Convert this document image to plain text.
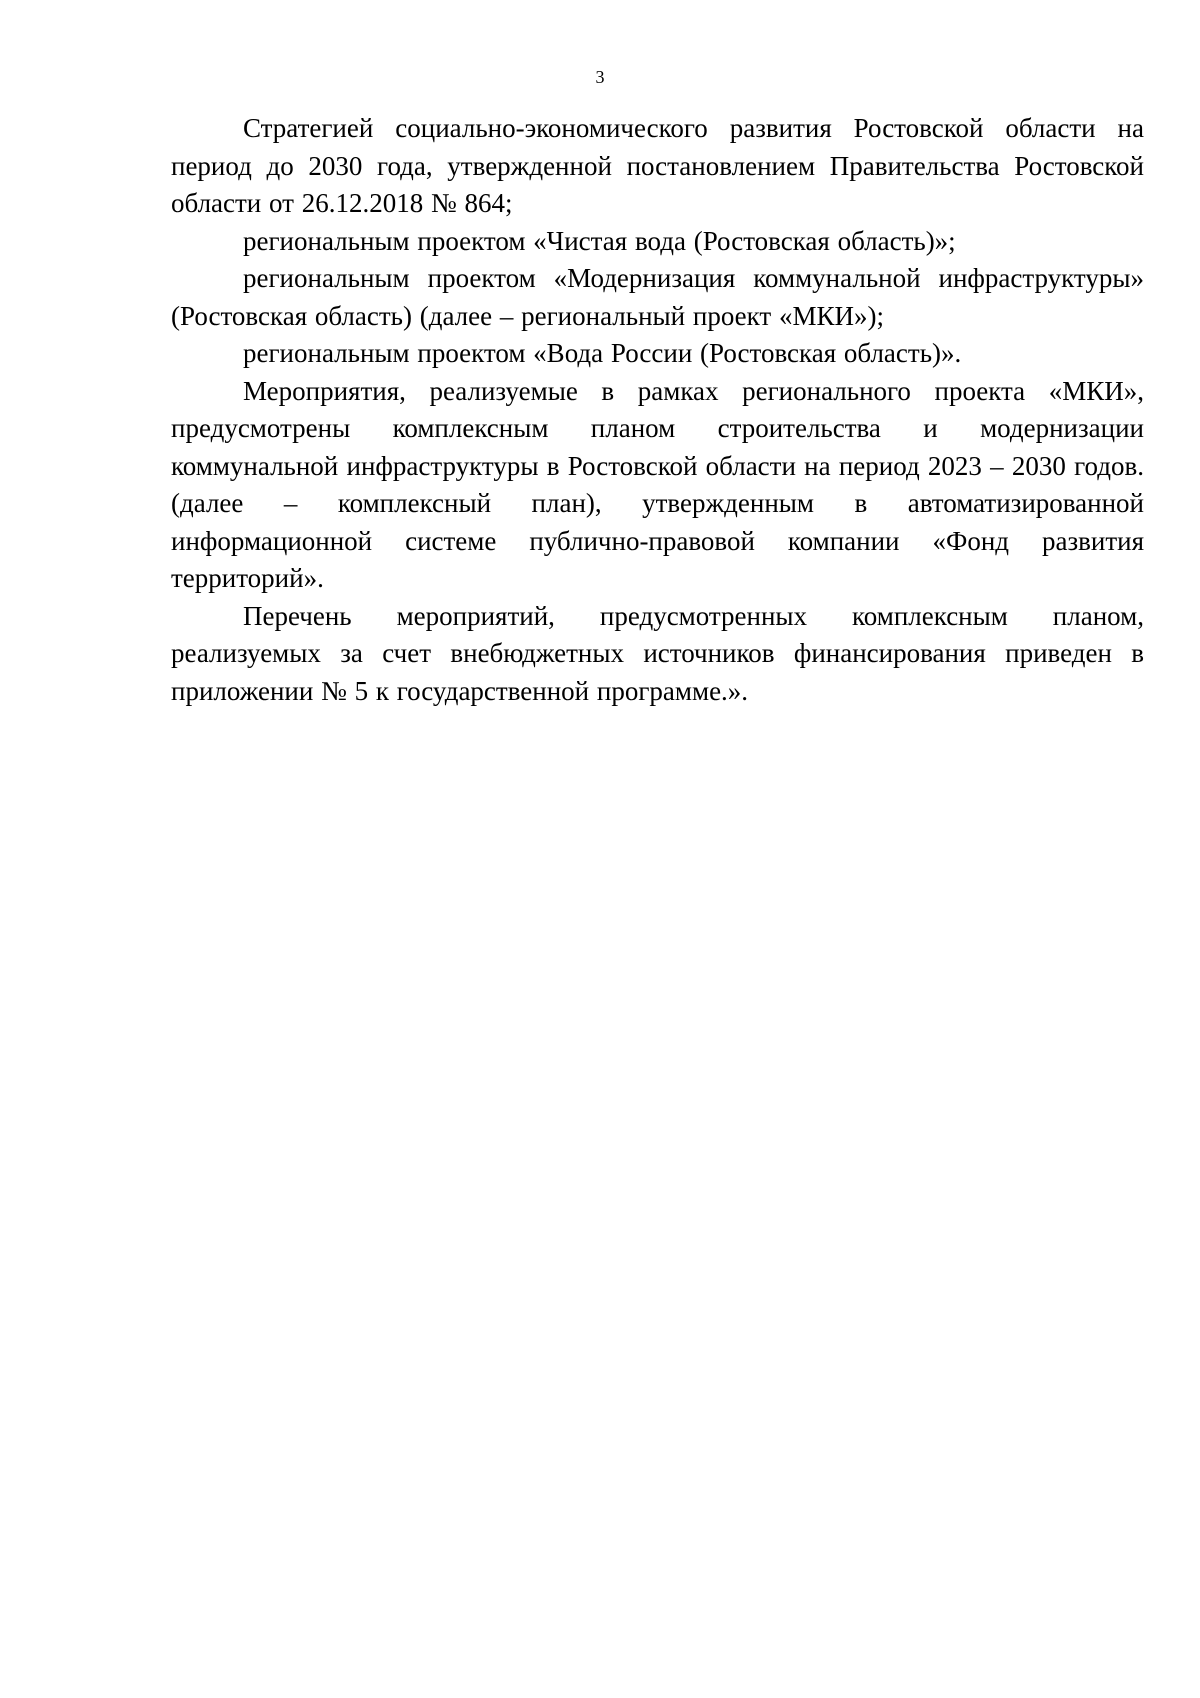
3

Стратегией социально-экономического развития Ростовской области на период до 2030 года, утвержденной постановлением Правительства Ростовской области от 26.12.2018 № 864;

региональным проектом «Чистая вода (Ростовская область)»;

региональным проектом «Модернизация коммунальной инфраструктуры» (Ростовская область) (далее – региональный проект «МКИ»);

региональным проектом «Вода России (Ростовская область)».

Мероприятия, реализуемые в рамках регионального проекта «МКИ», предусмотрены комплексным планом строительства и модернизации коммунальной инфраструктуры в Ростовской области на период 2023 – 2030 годов. (далее – комплексный план), утвержденным в автоматизированной информационной системе публично-правовой компании «Фонд развития территорий».

Перечень мероприятий, предусмотренных комплексным планом, реализуемых за счет внебюджетных источников финансирования приведен в приложении № 5 к государственной программе.».
